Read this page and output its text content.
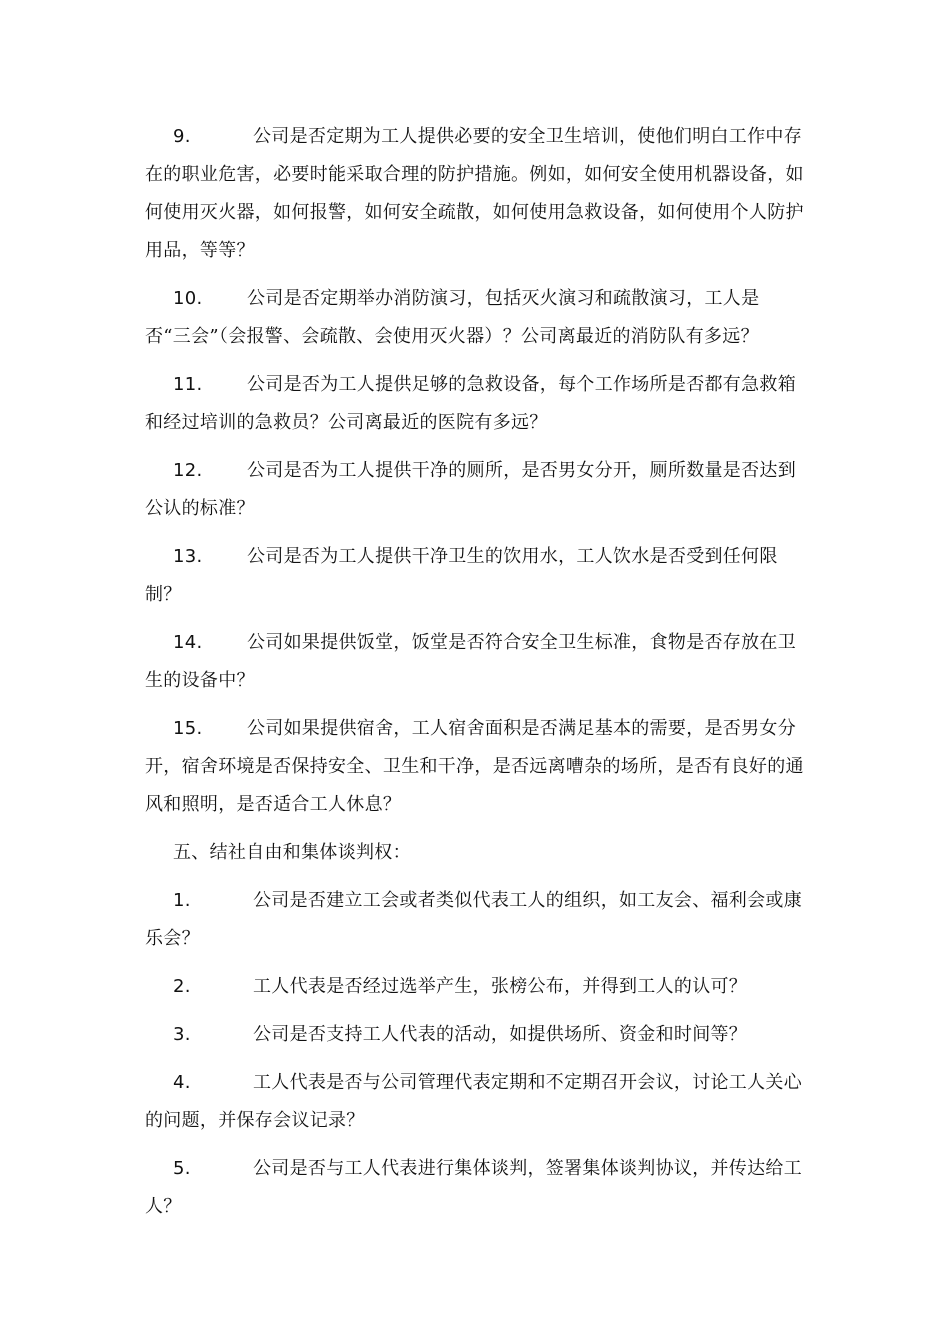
9.	公司是否定期为工人提供必要的安全卫生培训，使他们明白工作中存在的职业危害，必要时能采取合理的防护措施。例如，如何安全使用机器设备，如何使用灭火器，如何报警，如何安全疏散，如何使用急救设备，如何使用个人防护用品，等等？

10. 公司是否定期举办消防演习，包括灭火演习和疏散演习，工人是否“三会”（会报警、会疏散、会使用灭火器）？公司离最近的消防队有多远？

11. 公司是否为工人提供足够的急救设备，每个工作场所是否都有急救箱和经过培训的急救员？公司离最近的医院有多远？

12. 公司是否为工人提供干净的厕所，是否男女分开，厕所数量是否达到公认的标准？

13. 公司是否为工人提供干净卫生的饮用水，工人饮水是否受到任何限制？

14. 公司如果提供饭堂，饭堂是否符合安全卫生标准，食物是否存放在卫生的设备中？

15. 公司如果提供宿舍，工人宿舍面积是否满足基本的需要，是否男女分开，宿舍环境是否保持安全、卫生和干净，是否远离嘈杂的场所，是否有良好的通风和照明，是否适合工人休息？

五、结社自由和集体谈判权：

1.	公司是否建立工会或者类似代表工人的组织，如工友会、福利会或康乐会？

2.	工人代表是否经过选举产生，张榜公布，并得到工人的认可？

3.	公司是否支持工人代表的活动，如提供场所、资金和时间等？

4.	工人代表是否与公司管理代表定期和不定期召开会议，讨论工人关心的问题，并保存会议记录？

5.	公司是否与工人代表进行集体谈判，签署集体谈判协议，并传达给工人？
